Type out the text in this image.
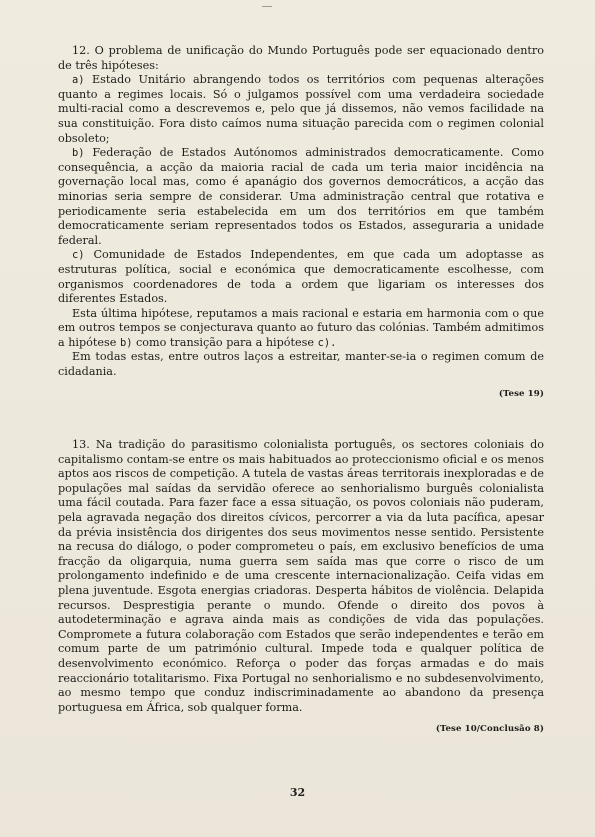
12. O problema de unificação do Mundo Português pode ser equacionado dentro de três hipóteses:

a) Estado Unitário abrangendo todos os territórios com pequenas alterações quanto a regimes locais. Só o julgamos possível com uma verdadeira sociedade multi-racial como a descrevemos e, pelo que já dissemos, não vemos facilidade na sua constituição. Fora disto caímos numa situação parecida com o regimen colonial obsoleto;

b) Federação de Estados Autónomos administrados democraticamente. Como consequência, a acção da maioria racial de cada um teria maior incidência na governação local mas, como é apanágio dos governos democráticos, a acção das minorias seria sempre de considerar. Uma administração central que rotativa e periodicamente seria estabelecida em um dos territórios em que também democraticamente seriam representados todos os Estados, asseguraria a unidade federal.

c) Comunidade de Estados Independentes, em que cada um adoptasse as estruturas política, social e económica que democraticamente escolhesse, com organismos coordenadores de toda a ordem que ligariam os interesses dos diferentes Estados.

Esta última hipótese, reputamos a mais racional e estaria em harmonia com o que em outros tempos se conjecturava quanto ao futuro das colónias. Também admitimos a hipótese b) como transição para a hipótese c).

Em todas estas, entre outros laços a estreitar, manter-se-ia o regimen comum de cidadania.

(Tese 19)

13. Na tradição do parasitismo colonialista português, os sectores coloniais do capitalismo contam-se entre os mais habituados ao proteccionismo oficial e os menos aptos aos riscos de competição. A tutela de vastas áreas territorais inexploradas e de populações mal saídas da servidão oferece ao senhorialismo burguês colonialista uma fácil coutada. Para fazer face a essa situação, os povos coloniais não puderam, pela agravada negação dos direitos cívicos, percorrer a via da luta pacífica, apesar da prévia insistência dos dirigentes dos seus movimentos nesse sentido. Persistente na recusa do diálogo, o poder comprometeu o país, em exclusivo benefícios de uma fracção da oligarquia, numa guerra sem saída mas que corre o risco de um prolongamento indefinido e de uma crescente internacionalização. Ceifa vidas em plena juventude. Esgota energias criadoras. Desperta hábitos de violência. Delapida recursos. Desprestigia perante o mundo. Ofende o direito dos povos à autodeterminação e agrava ainda mais as condições de vida das populações. Compromete a futura colaboração com Estados que serão independentes e terão em comum parte de um património cultural. Impede toda e qualquer política de desenvolvimento económico. Reforça o poder das forças armadas e do mais reaccionário totalitarismo. Fixa Portugal no senhorialismo e no subdesenvolvimento, ao mesmo tempo que conduz indiscriminadamente ao abandono da presença portuguesa em África, sob qualquer forma.

(Tese 10/Conclusão 8)

32
